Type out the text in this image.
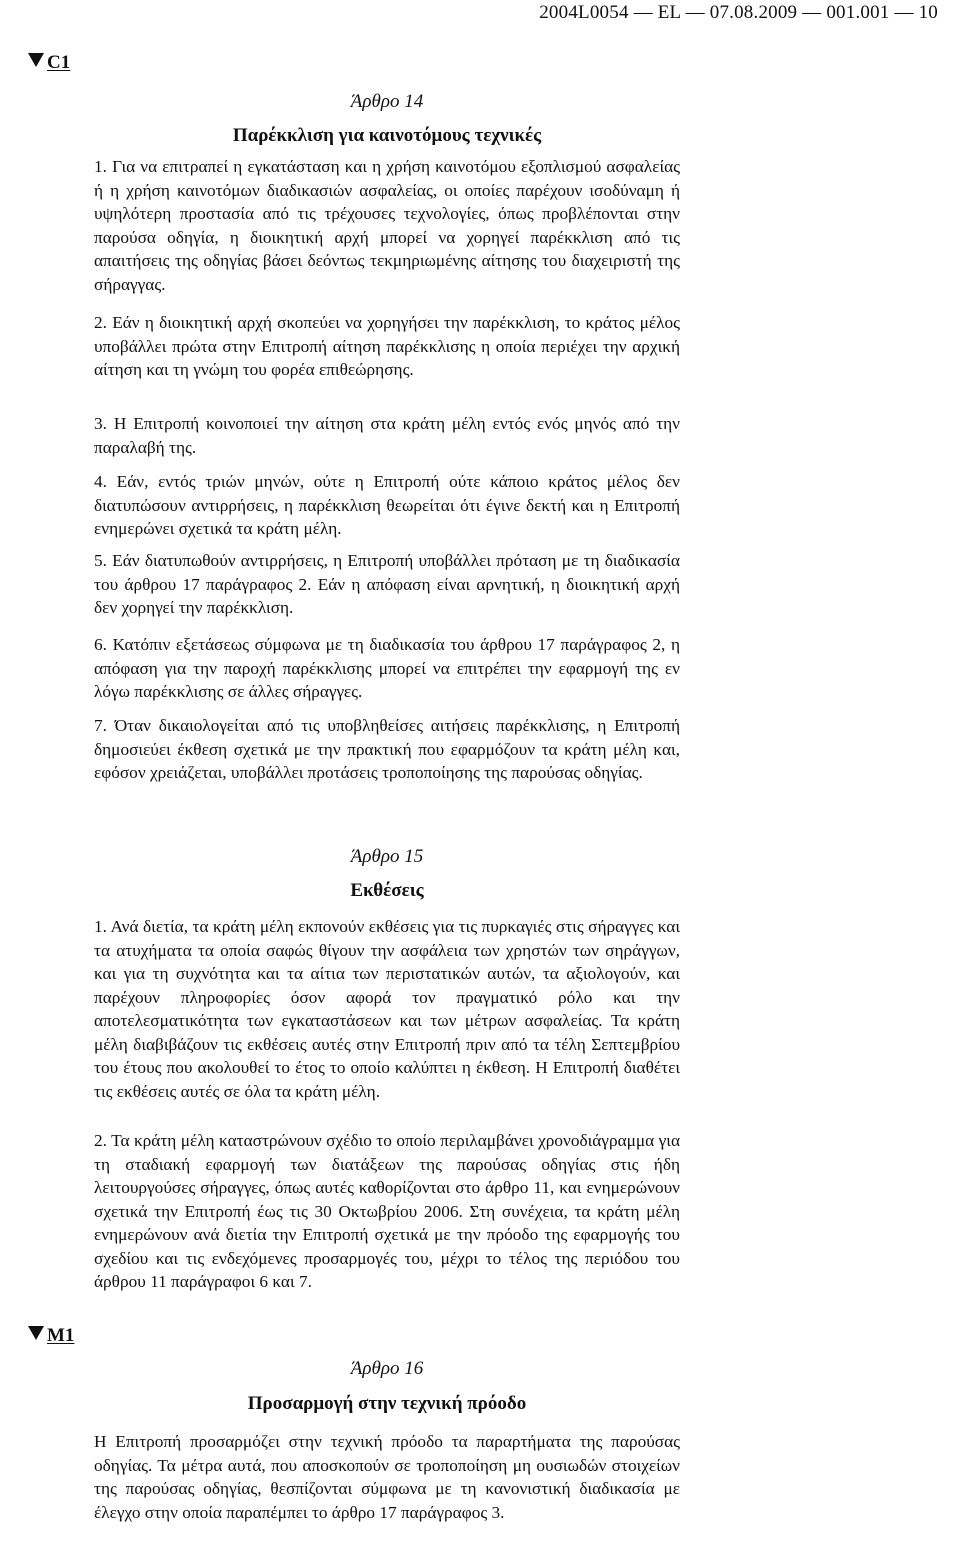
2004L0054 — EL — 07.08.2009 — 001.001 — 10
C1
Άρθρο 14
Παρέκκλιση για καινοτόμους τεχνικές
1. Για να επιτραπεί η εγκατάσταση και η χρήση καινοτόμου εξοπλισμού ασφαλείας ή η χρήση καινοτόμων διαδικασιών ασφαλείας, οι οποίες παρέχουν ισοδύναμη ή υψηλότερη προστασία από τις τρέχουσες τεχνολογίες, όπως προβλέπονται στην παρούσα οδηγία, η διοικητική αρχή μπορεί να χορηγεί παρέκκλιση από τις απαιτήσεις της οδηγίας βάσει δεόντως τεκμηριωμένης αίτησης του διαχειριστή της σήραγγας.
2. Εάν η διοικητική αρχή σκοπεύει να χορηγήσει την παρέκκλιση, το κράτος μέλος υποβάλλει πρώτα στην Επιτροπή αίτηση παρέκκλισης η οποία περιέχει την αρχική αίτηση και τη γνώμη του φορέα επιθεώρησης.
3. Η Επιτροπή κοινοποιεί την αίτηση στα κράτη μέλη εντός ενός μηνός από την παραλαβή της.
4. Εάν, εντός τριών μηνών, ούτε η Επιτροπή ούτε κάποιο κράτος μέλος δεν διατυπώσουν αντιρρήσεις, η παρέκκλιση θεωρείται ότι έγινε δεκτή και η Επιτροπή ενημερώνει σχετικά τα κράτη μέλη.
5. Εάν διατυπωθούν αντιρρήσεις, η Επιτροπή υποβάλλει πρόταση με τη διαδικασία του άρθρου 17 παράγραφος 2. Εάν η απόφαση είναι αρνητική, η διοικητική αρχή δεν χορηγεί την παρέκκλιση.
6. Κατόπιν εξετάσεως σύμφωνα με τη διαδικασία του άρθρου 17 παράγραφος 2, η απόφαση για την παροχή παρέκκλισης μπορεί να επιτρέπει την εφαρμογή της εν λόγω παρέκκλισης σε άλλες σήραγγες.
7. Όταν δικαιολογείται από τις υποβληθείσες αιτήσεις παρέκκλισης, η Επιτροπή δημοσιεύει έκθεση σχετικά με την πρακτική που εφαρμόζουν τα κράτη μέλη και, εφόσον χρειάζεται, υποβάλλει προτάσεις τροποποίησης της παρούσας οδηγίας.
Άρθρο 15
Εκθέσεις
1. Ανά διετία, τα κράτη μέλη εκπονούν εκθέσεις για τις πυρκαγιές στις σήραγγες και τα ατυχήματα τα οποία σαφώς θίγουν την ασφάλεια των χρηστών των σηράγγων, και για τη συχνότητα και τα αίτια των περιστατικών αυτών, τα αξιολογούν, και παρέχουν πληροφορίες όσον αφορά τον πραγματικό ρόλο και την αποτελεσματικότητα των εγκαταστάσεων και των μέτρων ασφαλείας. Τα κράτη μέλη διαβιβάζουν τις εκθέσεις αυτές στην Επιτροπή πριν από τα τέλη Σεπτεμβρίου του έτους που ακολουθεί το έτος το οποίο καλύπτει η έκθεση. Η Επιτροπή διαθέτει τις εκθέσεις αυτές σε όλα τα κράτη μέλη.
2. Τα κράτη μέλη καταστρώνουν σχέδιο το οποίο περιλαμβάνει χρονοδιάγραμμα για τη σταδιακή εφαρμογή των διατάξεων της παρούσας οδηγίας στις ήδη λειτουργούσες σήραγγες, όπως αυτές καθορίζονται στο άρθρο 11, και ενημερώνουν σχετικά την Επιτροπή έως τις 30 Οκτωβρίου 2006. Στη συνέχεια, τα κράτη μέλη ενημερώνουν ανά διετία την Επιτροπή σχετικά με την πρόοδο της εφαρμογής του σχεδίου και τις ενδεχόμενες προσαρμογές του, μέχρι το τέλος της περιόδου του άρθρου 11 παράγραφοι 6 και 7.
M1
Άρθρο 16
Προσαρμογή στην τεχνική πρόοδο
Η Επιτροπή προσαρμόζει στην τεχνική πρόοδο τα παραρτήματα της παρούσας οδηγίας. Τα μέτρα αυτά, που αποσκοπούν σε τροποποίηση μη ουσιωδών στοιχείων της παρούσας οδηγίας, θεσπίζονται σύμφωνα με τη κανονιστική διαδικασία με έλεγχο στην οποία παραπέμπει το άρθρο 17 παράγραφος 3.
